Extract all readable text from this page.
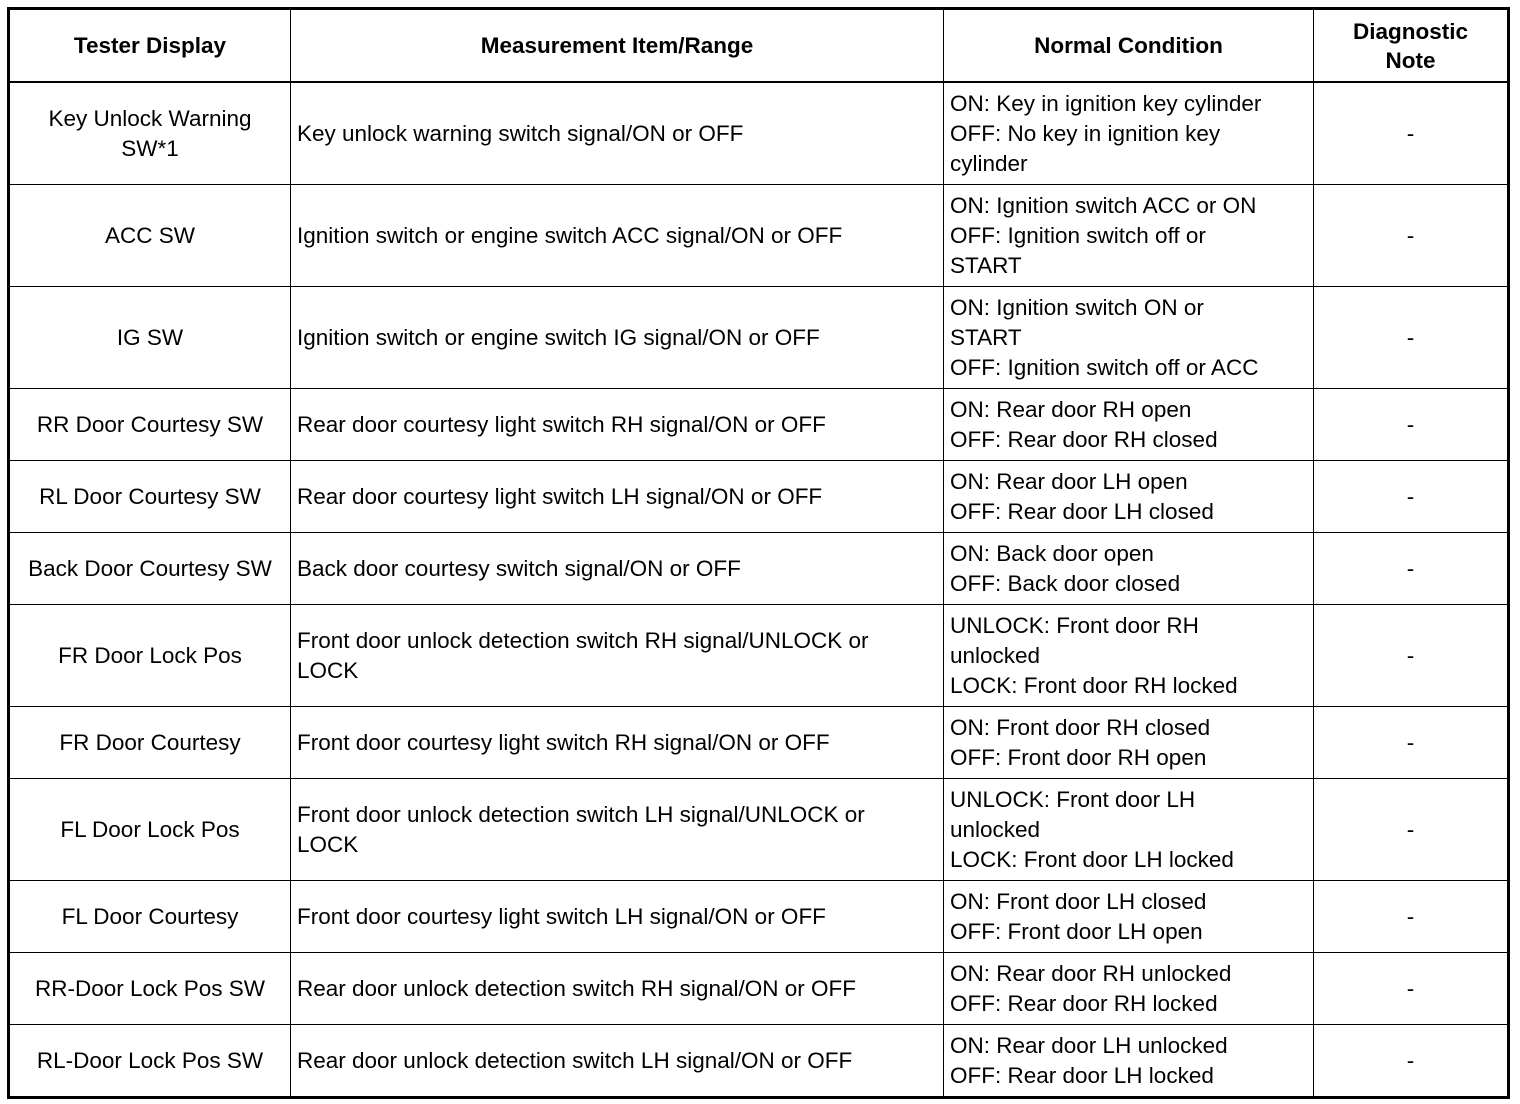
Tester Display	Measurement Item/Range	Normal Condition	Diagnostic
Note

Key Unlock Warning
SW*1	Key unlock warning switch signal/ON or OFF	ON: Key in ignition key cylinder
OFF: No key in ignition key
cylinder	-

ACC SW	Ignition switch or engine switch ACC signal/ON or OFF	ON: Ignition switch ACC or ON
OFF: Ignition switch off or
START	-

IG SW	Ignition switch or engine switch IG signal/ON or OFF	ON: Ignition switch ON or
START
OFF: Ignition switch off or ACC	-

RR Door Courtesy SW	Rear door courtesy light switch RH signal/ON or OFF	ON: Rear door RH open
OFF: Rear door RH closed	-

RL Door Courtesy SW	Rear door courtesy light switch LH signal/ON or OFF	ON: Rear door LH open
OFF: Rear door LH closed	-

Back Door Courtesy SW	Back door courtesy switch signal/ON or OFF	ON: Back door open
OFF: Back door closed	-

FR Door Lock Pos	Front door unlock detection switch RH signal/UNLOCK or
LOCK	UNLOCK: Front door RH
unlocked
LOCK: Front door RH locked	-

FR Door Courtesy	Front door courtesy light switch RH signal/ON or OFF	ON: Front door RH closed
OFF: Front door RH open	-

FL Door Lock Pos	Front door unlock detection switch LH signal/UNLOCK or
LOCK	UNLOCK: Front door LH
unlocked
LOCK: Front door LH locked	-

FL Door Courtesy	Front door courtesy light switch LH signal/ON or OFF	ON: Front door LH closed
OFF: Front door LH open	-

RR-Door Lock Pos SW	Rear door unlock detection switch RH signal/ON or OFF	ON: Rear door RH unlocked
OFF: Rear door RH locked	-

RL-Door Lock Pos SW	Rear door unlock detection switch LH signal/ON or OFF	ON: Rear door LH unlocked
OFF: Rear door LH locked	-
